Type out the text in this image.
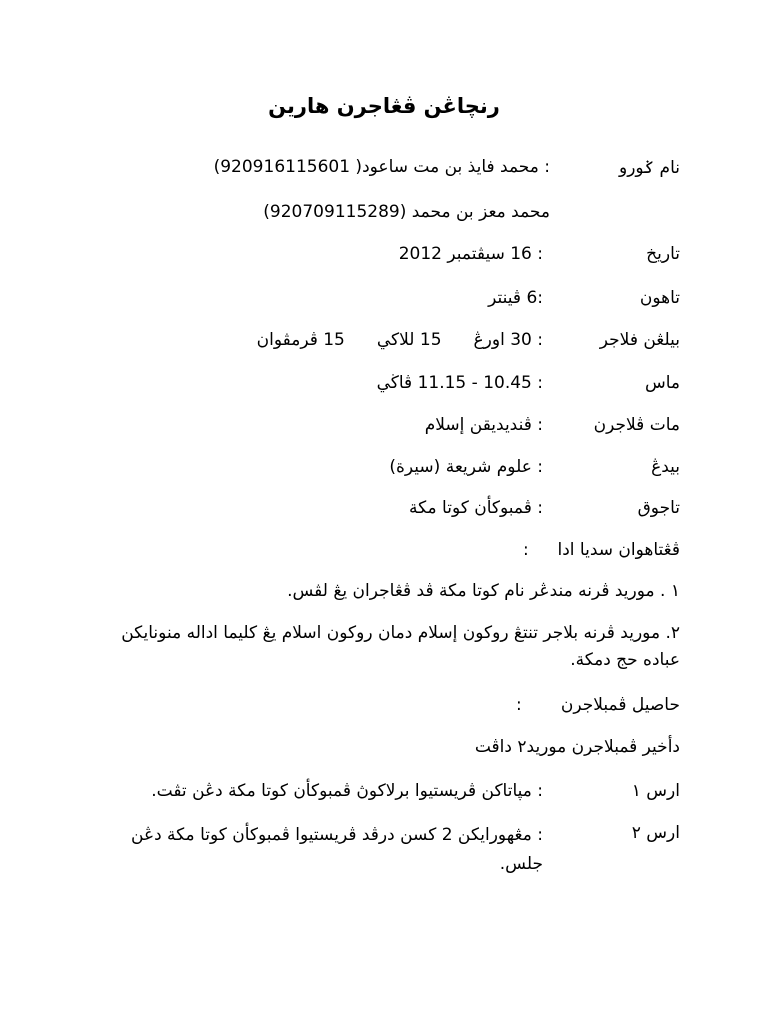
رنچاڠن ڤڠاجرن هارين
نام ݢورو
: محمد فايذ بن مت ساعود( 920916115601)
محمد معز بن محمد (920709115289)
تاريخ
: 16 سيڤتمبر 2012
تاهون
:6 ڤينتر
بيلڠن فلاجر
: 30 اورڠ15 للاكي15 ڤرمڤوان
ماس
: 10.45 - 11.15 ڤاڬي
مات ڤلاجرن
: ڤنديديقن إسلام
بيدڠ
: علوم شريعة (سيرة)
تاجوق
: ڤمبوکأن کوتا مکة
ڤڠتاهوان سديا ادا
:
١ . موريد ڤرنه مندڠر نام کوتا مکة ڤد ڤڠاجران يڠ لڤس.
٢. موريد ڤرنه بلاجر تنتڠ روکون إسلام دمان روکون اسلام يڠ کليما اداله منونايکن عباده حج دمکة.
حاصيل ڤمبلاجرن
:
دأخير ڤمبلاجرن موريد٢ داڤت
ارس ١
: مڽاتاکن ڤريستيوا برلاکوڽ ڤمبوکأن کوتا مکة دڠن تڤت.
ارس ٢
: مڠهورايکن 2 کسن درڤد ڤريستيوا ڤمبوکأن کوتا مکة دڠن جلس.
